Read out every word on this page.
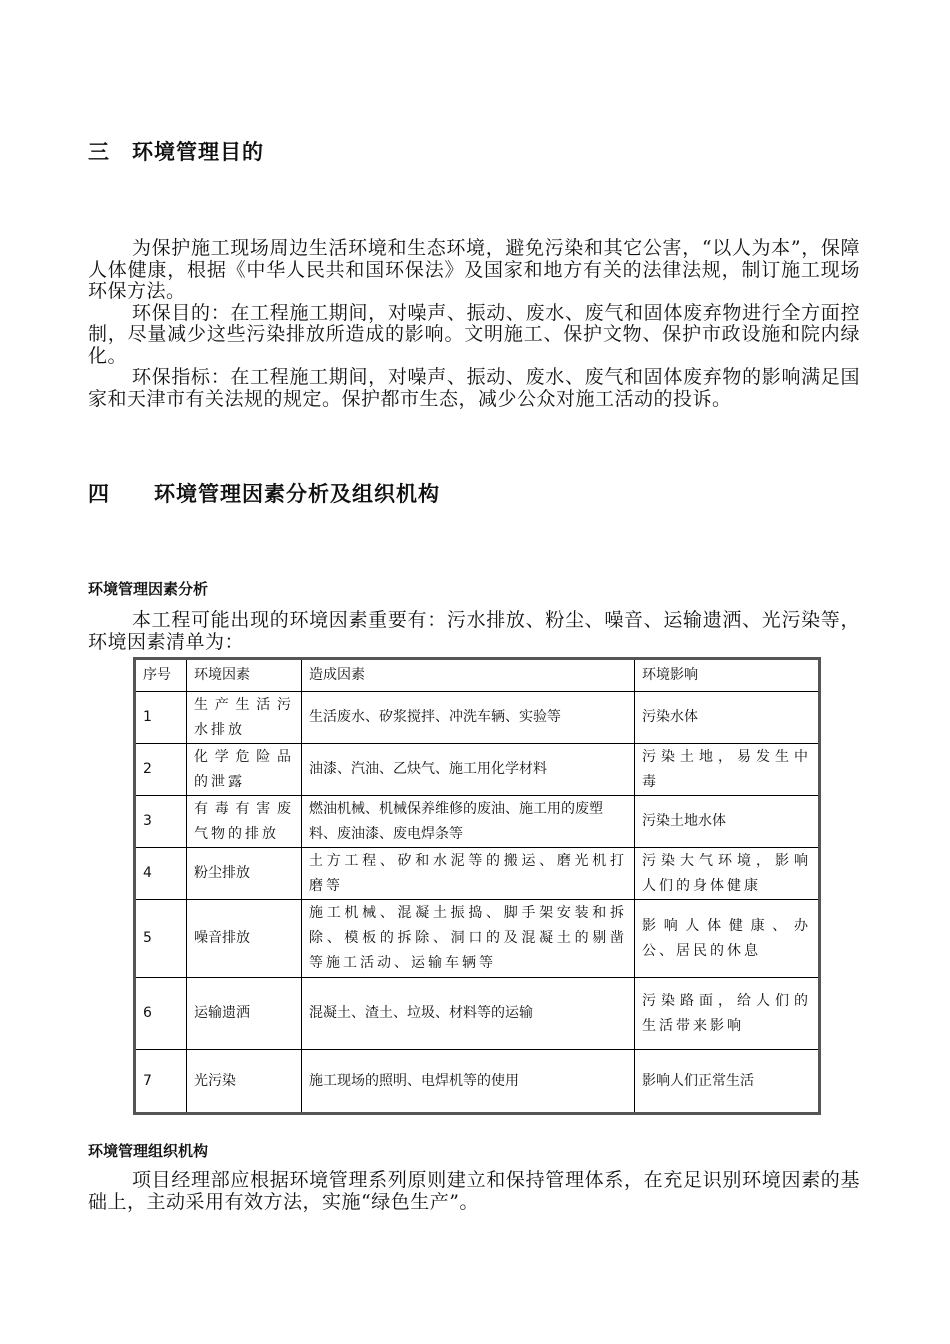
三　环境管理目的

为保护施工现场周边生活环境和生态环境，避免污染和其它公害，“以人为本”，保障人体健康，根据《中华人民共和国环保法》及国家和地方有关的法律法规，制订施工现场环保方法。

环保目的：在工程施工期间，对噪声、振动、废水、废气和固体废弃物进行全方面控制，尽量减少这些污染排放所造成的影响。文明施工、保护文物、保护市政设施和院内绿化。

环保指标：在工程施工期间，对噪声、振动、废水、废气和固体废弃物的影响满足国家和天津市有关法规的规定。保护都市生态，减少公众对施工活动的投诉。

四　　环境管理因素分析及组织机构
环境管理因素分析

本工程可能出现的环境因素重要有：污水排放、粉尘、噪音、运输遗洒、光污染等，环境因素清单为：

序号	环境因素	造成因素	环境影响
1	生产生活污水排放	生活废水、矽浆搅拌、冲洗车辆、实验等	污染水体
2	化学危险品的泄露	油漆、汽油、乙炔气、施工用化学材料	污染土地，易发生中毒
3	有毒有害废气物的排放	燃油机械、机械保养维修的废油、施工用的废塑料、废油漆、废电焊条等	污染土地水体
4	粉尘排放	土方工程、矽和水泥等的搬运、磨光机打磨等	污染大气环境，影响人们的身体健康
5	噪音排放	施工机械、混凝土振捣、脚手架安装和拆除、模板的拆除、洞口的及混凝土的剔凿等施工活动、运输车辆等	影响人体健康、办公、居民的休息
6	运输遗洒	混凝土、渣土、垃圾、材料等的运输	污染路面，给人们的生活带来影响
7	光污染	施工现场的照明、电焊机等的使用	影响人们正常生活
环境管理组织机构

项目经理部应根据环境管理系列原则建立和保持管理体系，在充足识别环境因素的基础上，主动采用有效方法，实施“绿色生产”。
